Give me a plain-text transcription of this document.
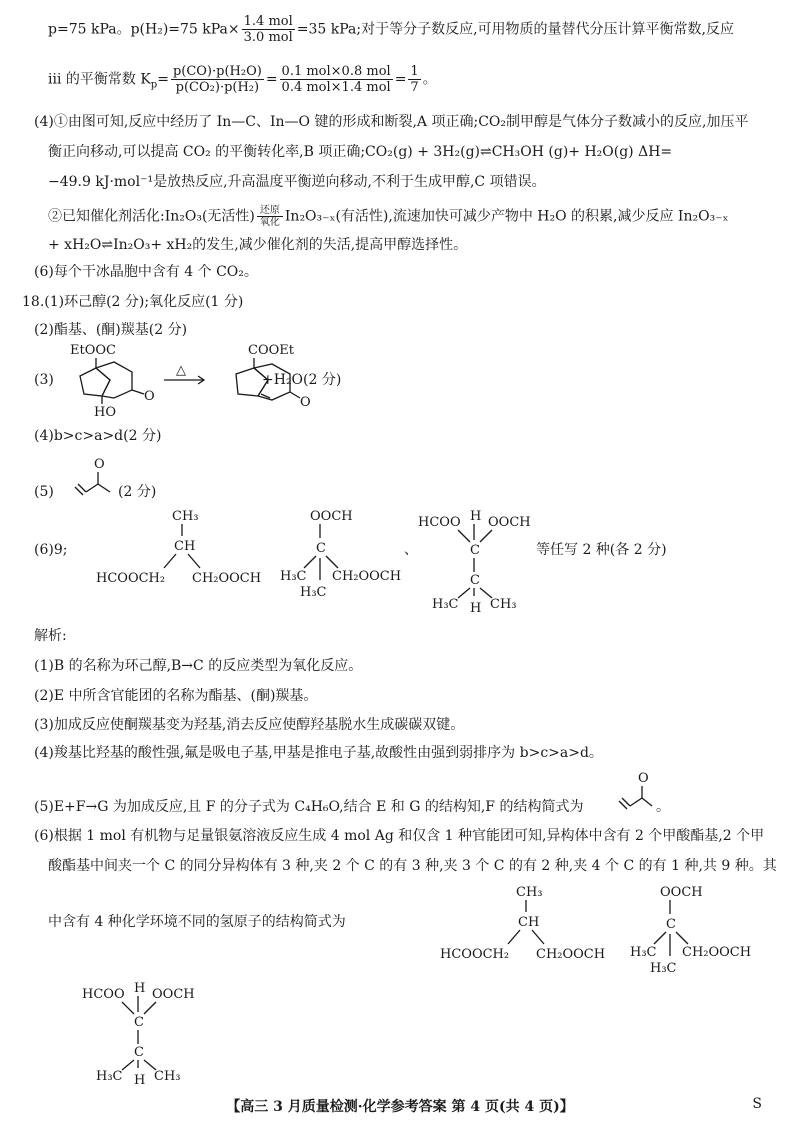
p=75 kPa。p(H₂)=75 $kPa\times \frac{\text{1.4 mol}}{\text{3.0 mol}} =35$ kPa;对于等分子数反应,可用物质的量替代分压计算平衡常数,反应
ⅲ 的平衡常数 $K_p= \frac{\text{p(CO)·p(H₂O)}}{\text{p(CO₂)·p(H₂)}} = \frac{\text{0.1 mol×0.8 mol}}{\text{0.4 mol×1.4 mol}} = \frac{1}{7}$ 。
(4)①由图可知,反应中经历了 In—C、In—O 键的形成和断裂,A 项正确;CO₂制甲醇是气体分子数减小的反应,加压平
衡正向移动,可以提高 CO₂ 的平衡转化率,B 项正确;CO₂(g) + 3H₂(g)⇌CH₃OH (g)+ H₂O(g) ΔH=
−49.9 kJ·mol⁻¹是放热反应,升高温度平衡逆向移动,不利于生成甲醇,C 项错误。
②已知催化剂活化:In₂O₃(无活性) 还原
氧化 In₂O₃₋ₓ(有活性),流速加快可减少产物中 H₂O 的积累,减少反应 In₂O₃₋ₓ
+ xH₂O⇌In₂O₃+ xH₂的发生,减少催化剂的失活,提高甲醇选择性。
(6)每个干冰晶胞中含有 4 个 CO₂。
18.(1)环己醇(2 分);氧化反应(1 分)
(2)酯基、(酮)羰基(2 分)
(3)
EtOOC
O
HO
△
COOEt
O
+H₂O(2 分)
(4)b>c>a>d(2 分)
(5)
O
(2 分)
(6)9;
CH₃
CH
HCOOCH₂ CH₂OOCH
OOCH
C
H₃C CH₂OOCH
H₃C
、
HCOO H OOCH
C
C
H₃C H CH₃
等任写 2 种(各 2 分)
解析:
(1)B 的名称为环己醇,B→C 的反应类型为氧化反应。
(2)E 中所含官能团的名称为酯基、(酮)羰基。
(3)加成反应使酮羰基变为羟基,消去反应使醇羟基脱水生成碳碳双键。
(4)羧基比羟基的酸性强,氟是吸电子基,甲基是推电子基,故酸性由强到弱排序为 b>c>a>d。
(5)E+F→G 为加成反应,且 F 的分子式为 C₄H₆O,结合 E 和 G 的结构知,F 的结构简式为
O
。
(6)根据 1 mol 有机物与足量银氨溶液反应生成 4 mol Ag 和仅含 1 种官能团可知,异构体中含有 2 个甲酸酯基,2 个甲
酸酯基中间夹一个 C 的同分异构体有 3 种,夹 2 个 C 的有 3 种,夹 3 个 C 的有 2 种,夹 4 个 C 的有 1 种,共 9 种。其
中含有 4 种化学环境不同的氢原子的结构简式为
CH₃
CH
HCOOCH₂ CH₂OOCH
OOCH
C
H₃C CH₂OOCH
H₃C
HCOO H OOCH
C
C
H₃C H CH₃
【高三 3 月质量检测·化学参考答案 第 4 页(共 4 页)】	S
